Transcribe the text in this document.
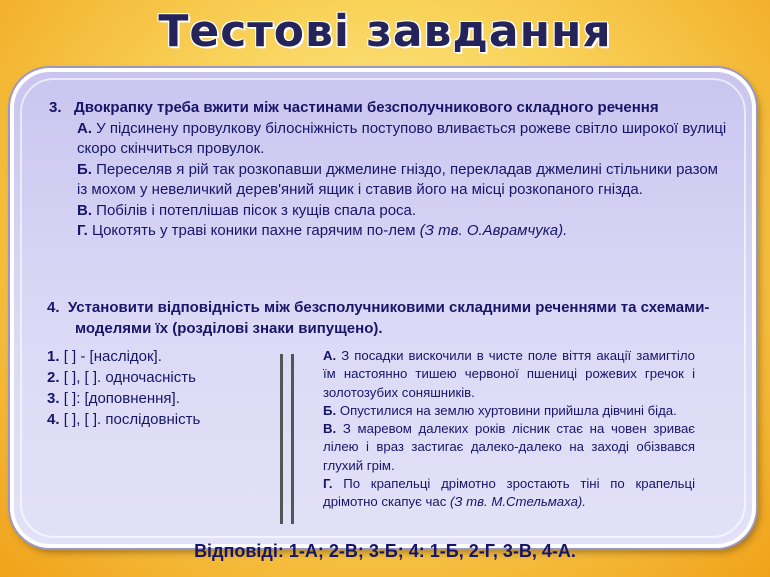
Тестові завдання
3. Двокрапку треба вжити між частинами безсполучникового складного речення
А. У підсинену провулкову білосніжність поступово вливається рожеве світло широкої вулиці скоро скінчиться провулок.
Б. Переселяв я рій так розкопавши джмелине гніздо, перекладав джмелині стільники разом із мохом у невеличкий дерев'яний ящик і ставив його на місці розкопаного гнізда.
В. Побілів і потеплішав пісок з кущів спала роса.
Г. Цокотять у траві коники пахне гарячим по-лем (З тв. О.Аврамчука).
4. Установити відповідність між безсполучниковими складними реченнями та схемами-моделями їх (розділові знаки випущено).
1. [ ] - [наслідок].
2. [ ], [ ]. одночасність
3. [ ]: [доповнення].
4. [ ], [ ]. послідовність
А. З посадки вискочили в чисте поле віття акації замигтіло їм настоянно тишею червоної пшениці рожевих гречок і золотозубих соняшників.
Б. Опустилися на землю хуртовини прийшла дівчині біда.
В. З маревом далеких років лісник стає на човен зриває лілею і враз застигає далеко-далеко на заході обізвався глухий грім.
Г. По крапельці дрімотно зростають тіні по крапельці дрімотно скапує час (З тв. М.Стельмаха).
Відповіді: 1-А; 2-В; 3-Б; 4: 1-Б, 2-Г, 3-В, 4-А.
